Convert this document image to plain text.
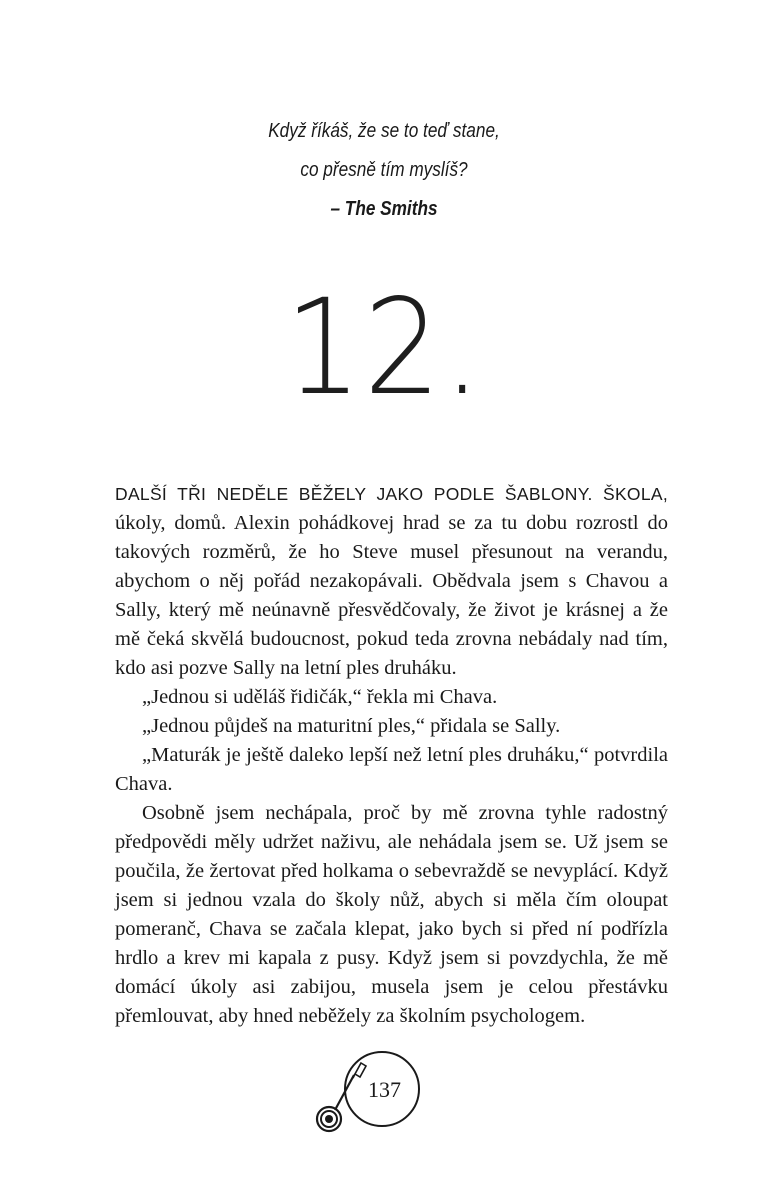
Když říkáš, že se to teď stane,
co přesně tím myslíš?
– The Smiths
12.

DALŠÍ TŘI NEDĚLE BĚŽELY JAKO PODLE ŠABLONY. ŠKOLA, úkoly, domů. Alexin pohádkovej hrad se za tu dobu rozrostl do takových rozměrů, že ho Steve musel přesunout na verandu, abychom o něj pořád nezakopávali. Obědvala jsem s Chavou a Sally, který mě neúnavně přesvědčovaly, že život je krásnej a že mě čeká skvělá budoucnost, pokud teda zrovna nebádaly nad tím, kdo asi pozve Sally na letní ples druháku.

„Jednou si uděláš řidičák,“ řekla mi Chava.

„Jednou půjdeš na maturitní ples,“ přidala se Sally.

„Maturák je ještě daleko lepší než letní ples druháku,“ potvrdila Chava.

Osobně jsem nechápala, proč by mě zrovna tyhle radostný předpovědi měly udržet naživu, ale nehádala jsem se. Už jsem se poučila, že žertovat před holkama o sebevraždě se nevyplácí. Když jsem si jednou vzala do školy nůž, abych si měla čím oloupat pomeranč, Chava se začala klepat, jako bych si před ní podřízla hrdlo a krev mi kapala z pusy. Když jsem si povzdychla, že mě domácí úkoly asi zabijou, musela jsem je celou přestávku přemlouvat, aby hned neběžely za školním psychologem.

137
